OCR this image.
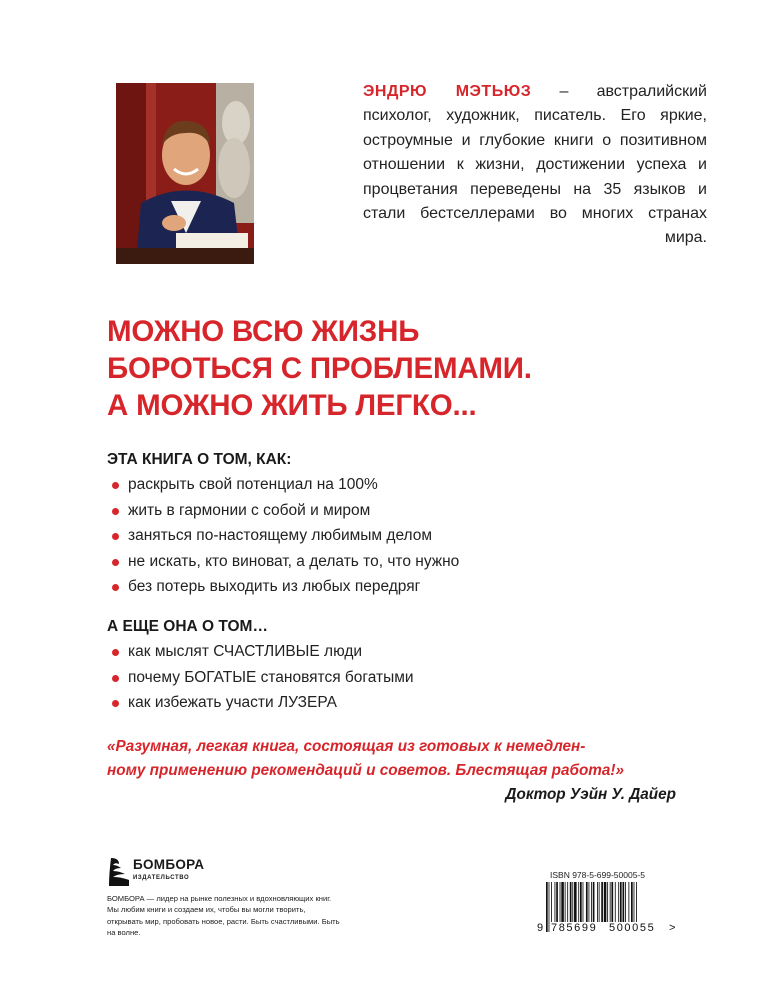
ЭНДРЮ МЭТЬЮЗ – австралийский психолог, художник, писатель. Его яркие, остроумные и глубокие книги о позитивном отношении к жизни, достижении успеха и процветания переведены на 35 языков и стали бестселлерами во многих странах мира.
МОЖНО ВСЮ ЖИЗНЬ
БОРОТЬСЯ С ПРОБЛЕМАМИ.
А МОЖНО ЖИТЬ ЛЕГКО...
ЭТА КНИГА О ТОМ, КАК:
раскрыть свой потенциал на 100%
жить в гармонии с собой и миром
заняться по-настоящему любимым делом
не искать, кто виноват, а делать то, что нужно
без потерь выходить из любых передряг
А ЕЩЕ ОНА О ТОМ…
как мыслят СЧАСТЛИВЫЕ люди
почему БОГАТЫЕ становятся богатыми
как избежать участи ЛУЗЕРА
«Разумная, легкая книга, состоящая из готовых к немедлен-
ному применению рекомендаций и советов. Блестящая работа!»
Доктор Уэйн У. Дайер
БОМБОРА
ИЗДАТЕЛЬСТВО
БОМБОРА — лидер на рынке полезных и вдохновляющих книг. Мы любим книги и создаем их, чтобы вы могли творить, открывать мир, пробовать новое, расти. Быть счастливыми. Быть на волне.
ISBN 978-5-699-50005-5
9 785699 500055 >
